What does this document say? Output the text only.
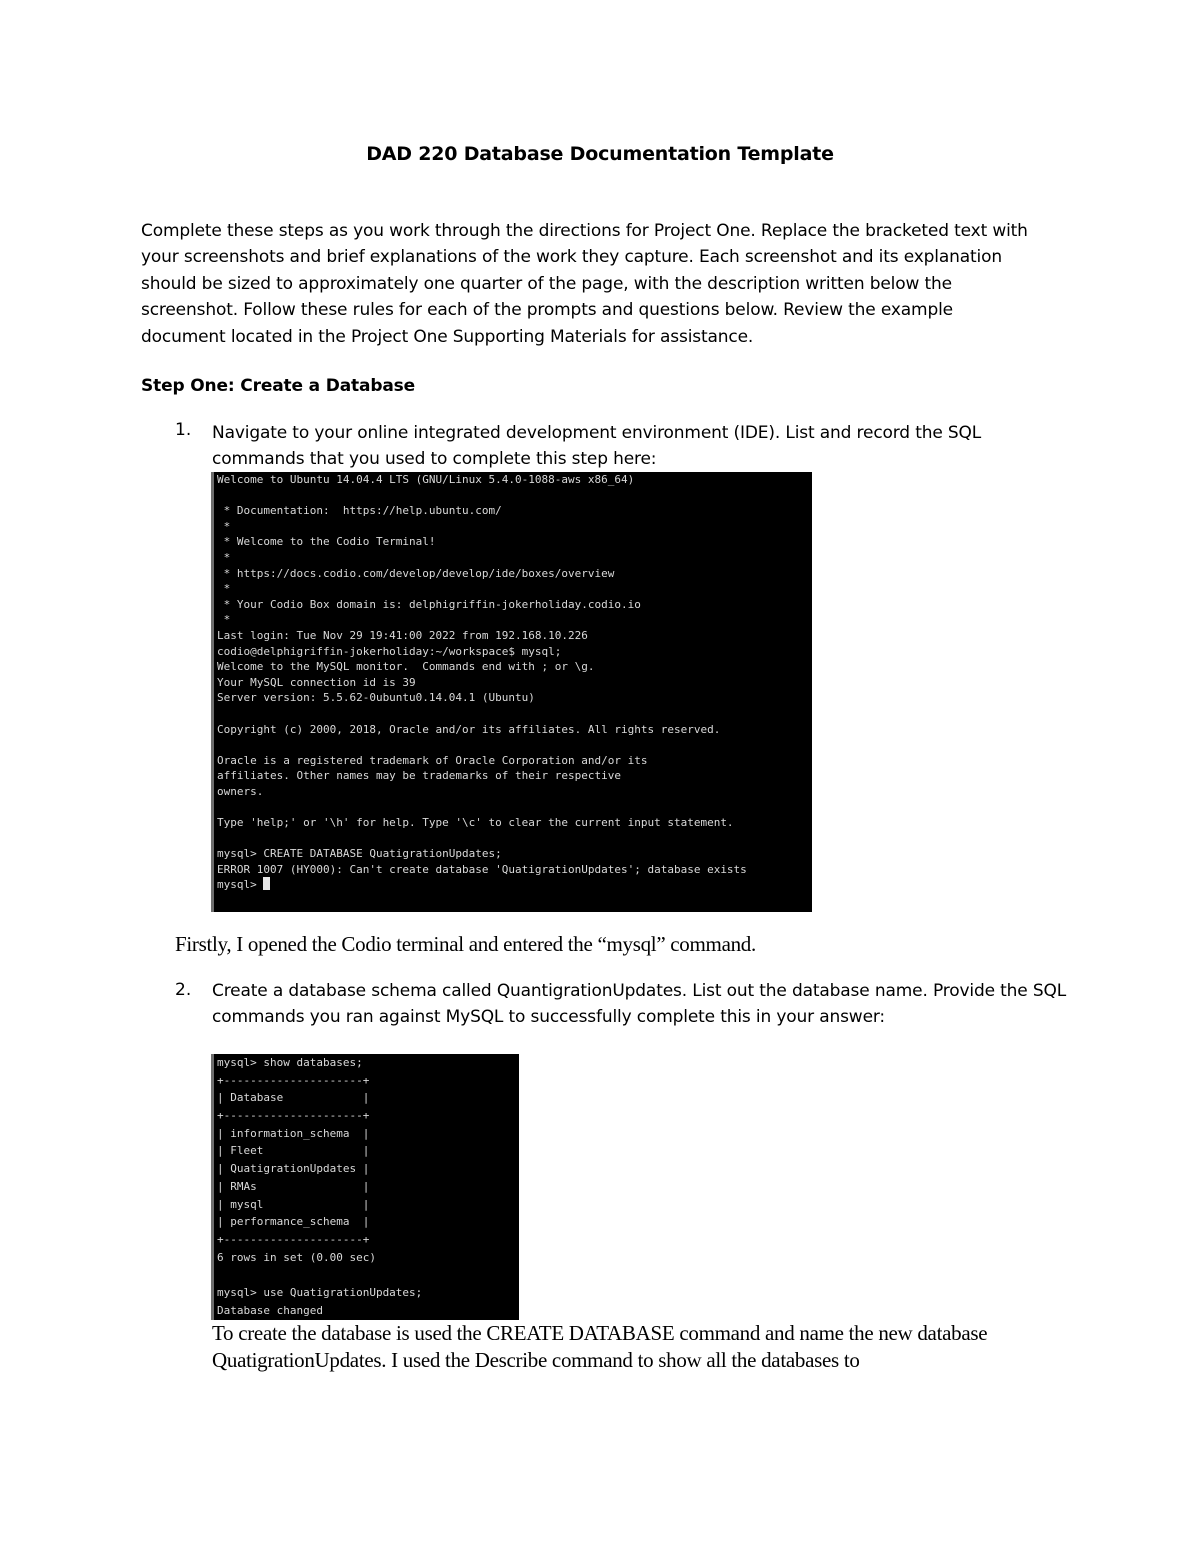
DAD 220 Database Documentation Template
Complete these steps as you work through the directions for Project One. Replace the bracketed text with your screenshots and brief explanations of the work they capture. Each screenshot and its explanation should be sized to approximately one quarter of the page, with the description written below the screenshot. Follow these rules for each of the prompts and questions below. Review the example document located in the Project One Supporting Materials for assistance.
Step One: Create a Database
1. Navigate to your online integrated development environment (IDE). List and record the SQL commands that you used to complete this step here:
Welcome to Ubuntu 14.04.4 LTS (GNU/Linux 5.4.0-1088-aws x86_64)
* Documentation:  https://help.ubuntu.com/
*
* Welcome to the Codio Terminal!
*
* https://docs.codio.com/develop/develop/ide/boxes/overview
*
* Your Codio Box domain is: delphigriffin-jokerholiday.codio.io
*
Last login: Tue Nov 29 19:41:00 2022 from 192.168.10.226
codio@delphigriffin-jokerholiday:~/workspace$ mysql;
Welcome to the MySQL monitor.  Commands end with ; or \g.
Your MySQL connection id is 39
Server version: 5.5.62-0ubuntu0.14.04.1 (Ubuntu)
Copyright (c) 2000, 2018, Oracle and/or its affiliates. All rights reserved.
Oracle is a registered trademark of Oracle Corporation and/or its
affiliates. Other names may be trademarks of their respective
owners.
Type 'help;' or '\h' for help. Type '\c' to clear the current input statement.
mysql> CREATE DATABASE QuatigrationUpdates;
ERROR 1007 (HY000): Can't create database 'QuatigrationUpdates'; database exists
mysql>
Firstly, I opened the Codio terminal and entered the “mysql” command.
2. Create a database schema called QuantigrationUpdates. List out the database name. Provide the SQL commands you ran against MySQL to successfully complete this in your answer:
mysql> show databases;
+---------------------+
| Database            |
+---------------------+
| information_schema  |
| Fleet               |
| QuatigrationUpdates |
| RMAs                |
| mysql               |
| performance_schema  |
+---------------------+
6 rows in set (0.00 sec)
mysql> use QuatigrationUpdates;
Database changed
To create the database is used the CREATE DATABASE command and name the new database QuatigrationUpdates. I used the Describe command to show all the databases to
